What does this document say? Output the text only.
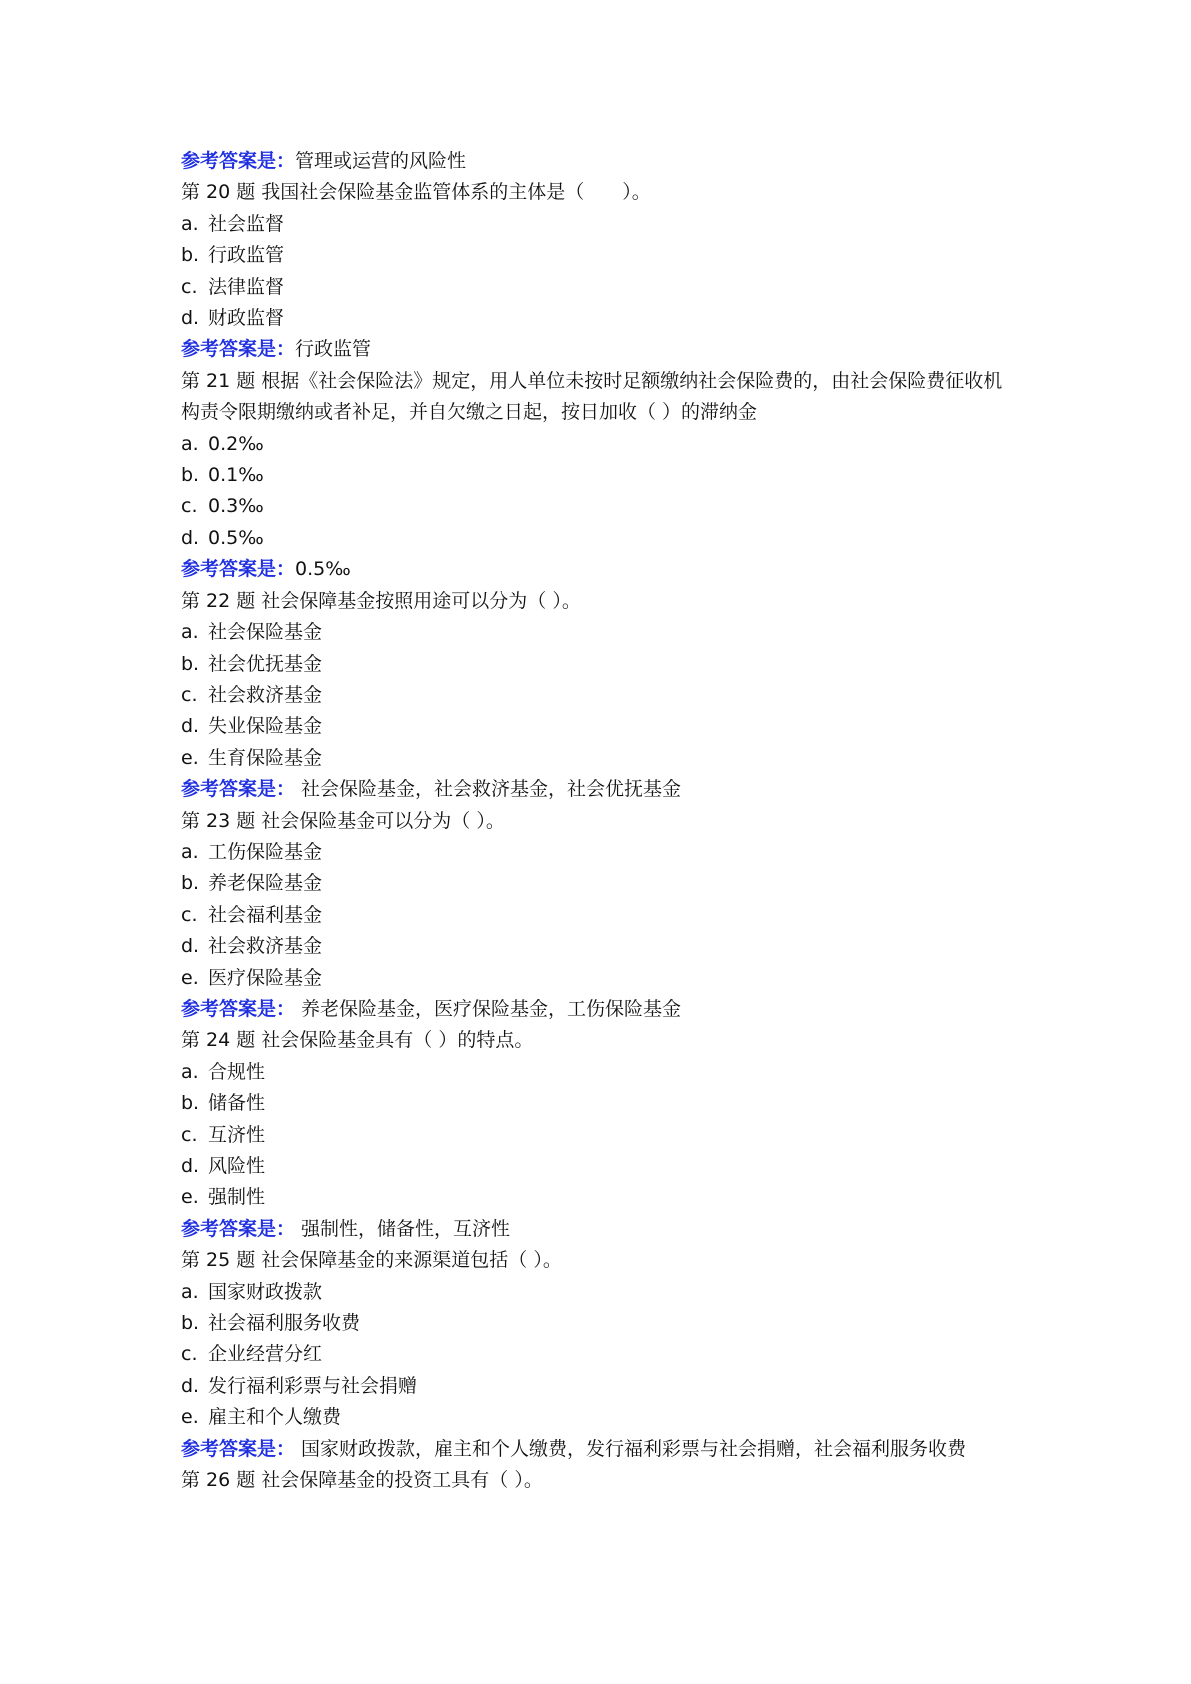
参考答案是：管理或运营的风险性
第 20 题 我国社会保险基金监管体系的主体是（　　）。
a. 社会监督
b. 行政监管
c. 法律监督
d. 财政监督
参考答案是：行政监管
第 21 题 根据《社会保险法》规定，用人单位未按时足额缴纳社会保险费的，由社会保险费征收机构责令限期缴纳或者补足，并自欠缴之日起，按日加收（ ）的滞纳金
a. 0.2‰
b. 0.1‰
c. 0.3‰
d. 0.5‰
参考答案是：0.5‰
第 22 题 社会保障基金按照用途可以分为（ ）。
a. 社会保险基金
b. 社会优抚基金
c. 社会救济基金
d. 失业保险基金
e. 生育保险基金
参考答案是： 社会保险基金，社会救济基金，社会优抚基金
第 23 题 社会保险基金可以分为（ ）。
a. 工伤保险基金
b. 养老保险基金
c. 社会福利基金
d. 社会救济基金
e. 医疗保险基金
参考答案是： 养老保险基金，医疗保险基金，工伤保险基金
第 24 题 社会保险基金具有（ ）的特点。
a. 合规性
b. 储备性
c. 互济性
d. 风险性
e. 强制性
参考答案是： 强制性，储备性，互济性
第 25 题 社会保障基金的来源渠道包括（ ）。
a. 国家财政拨款
b. 社会福利服务收费
c. 企业经营分红
d. 发行福利彩票与社会捐赠
e. 雇主和个人缴费
参考答案是： 国家财政拨款，雇主和个人缴费，发行福利彩票与社会捐赠，社会福利服务收费
第 26 题 社会保障基金的投资工具有（ ）。
